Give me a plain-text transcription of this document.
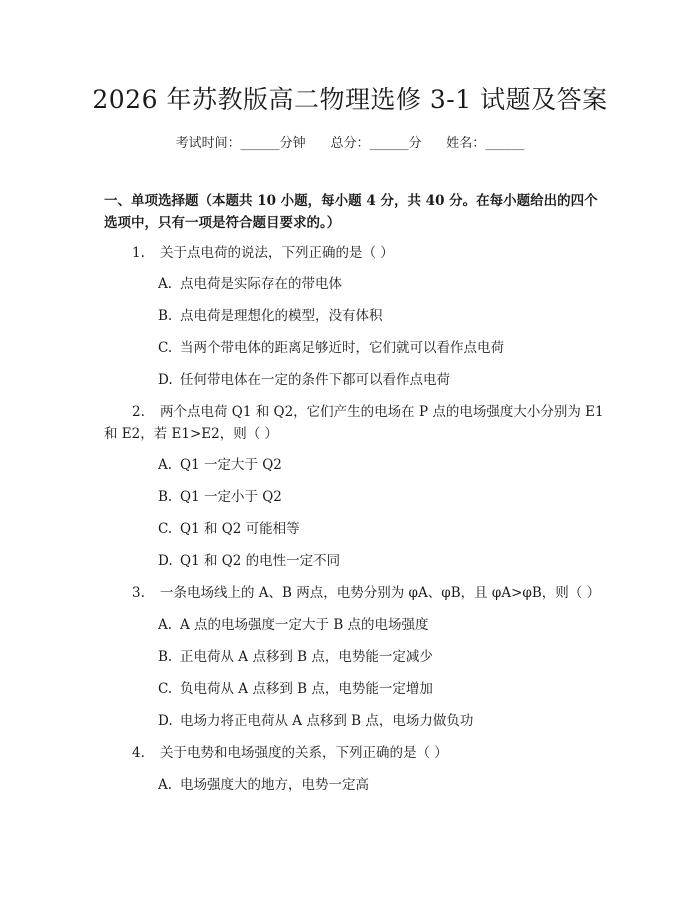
2026 年苏教版高二物理选修 3-1 试题及答案
考试时间：______分钟 总分：______分 姓名：______
一、单项选择题（本题共 10 小题，每小题 4 分，共 40 分。在每小题给出的四个选项中，只有一项是符合题目要求的。）
1. 关于点电荷的说法，下列正确的是（ ）
A. 点电荷是实际存在的带电体
B. 点电荷是理想化的模型，没有体积
C. 当两个带电体的距离足够近时，它们就可以看作点电荷
D. 任何带电体在一定的条件下都可以看作点电荷
2. 两个点电荷 Q1 和 Q2，它们产生的电场在 P 点的电场强度大小分别为 E1
和 E2，若 E1>E2，则（ ）
A. Q1 一定大于 Q2
B. Q1 一定小于 Q2
C. Q1 和 Q2 可能相等
D. Q1 和 Q2 的电性一定不同
3. 一条电场线上的 A、B 两点，电势分别为 φA、φB，且 φA>φB，则（ ）
A. A 点的电场强度一定大于 B 点的电场强度
B. 正电荷从 A 点移到 B 点，电势能一定减少
C. 负电荷从 A 点移到 B 点，电势能一定增加
D. 电场力将正电荷从 A 点移到 B 点，电场力做负功
4. 关于电势和电场强度的关系，下列正确的是（ ）
A. 电场强度大的地方，电势一定高
